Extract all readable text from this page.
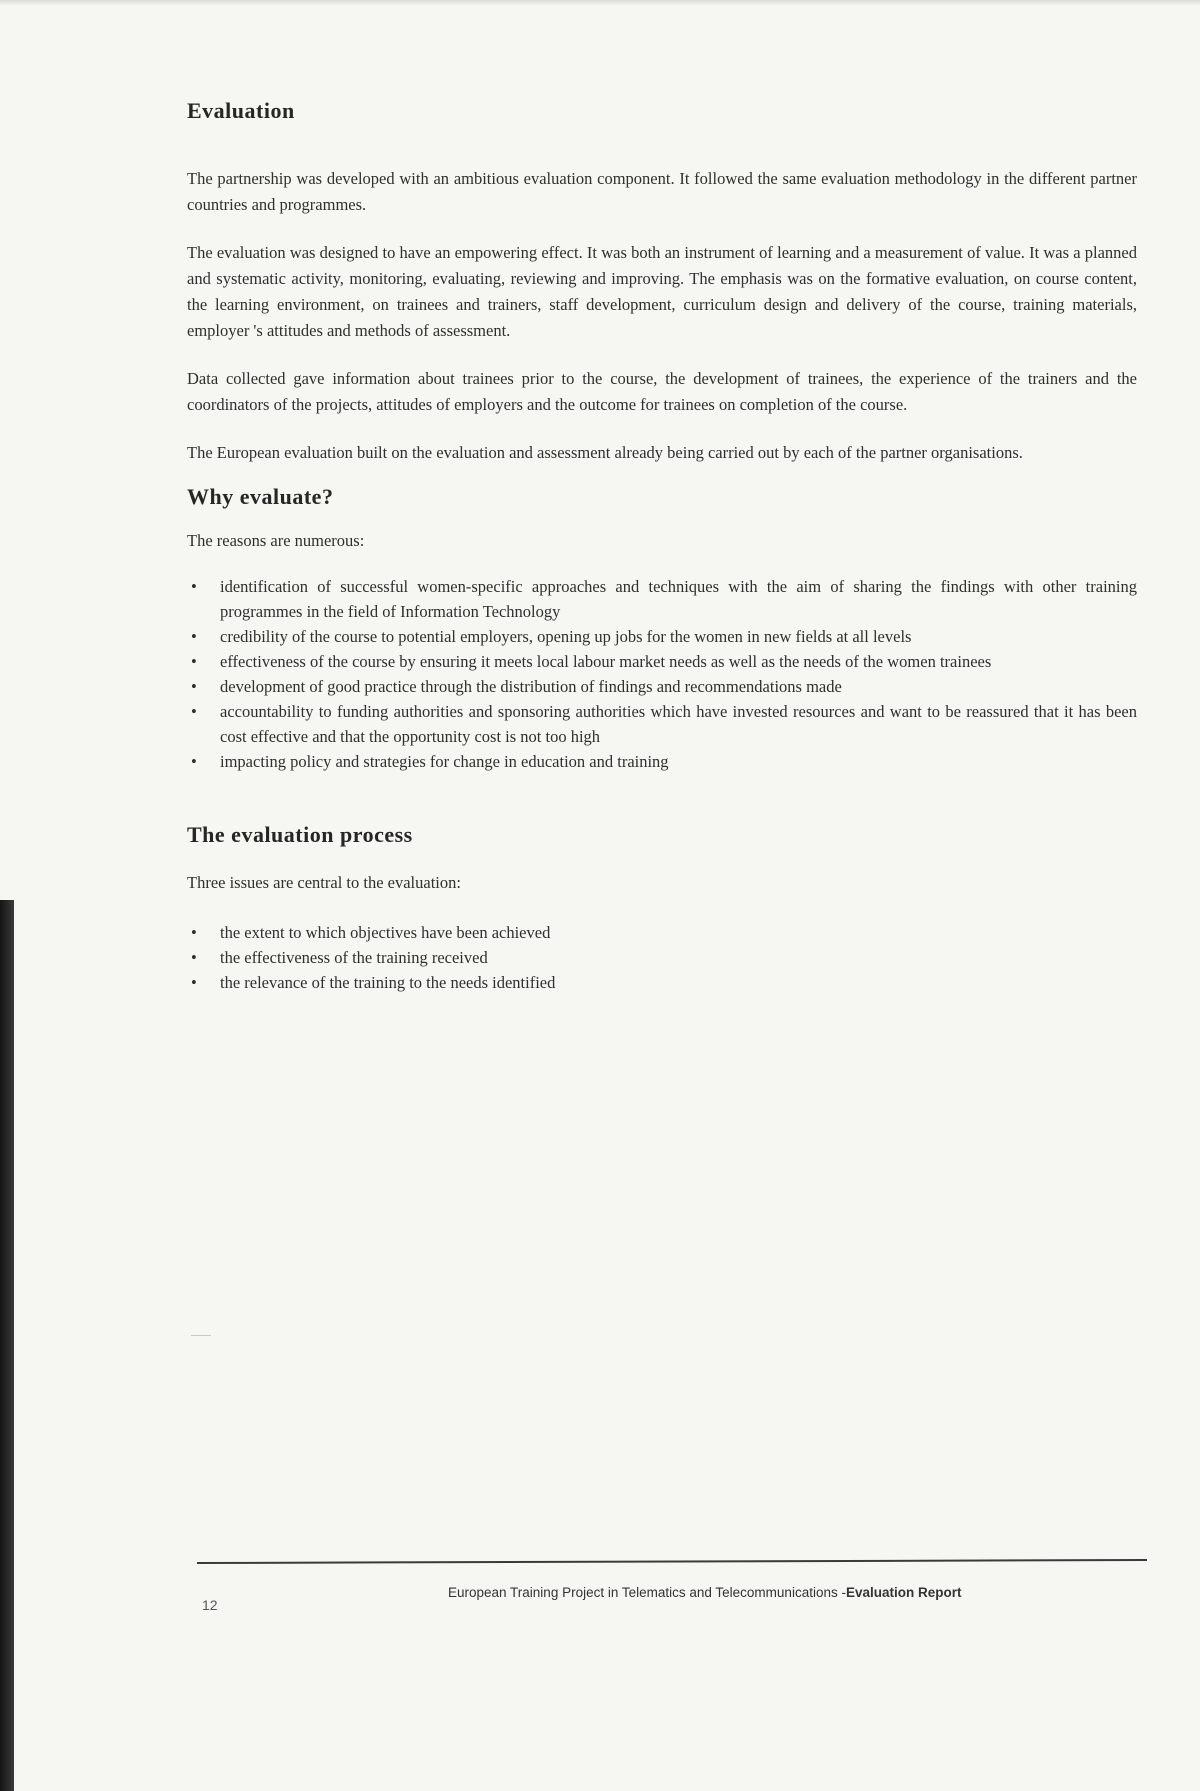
Evaluation

The partnership was developed with an ambitious evaluation component. It followed the same evaluation methodology in the different partner countries and programmes.

The evaluation was designed to have an empowering effect. It was both an instrument of learning and a measurement of value. It was a planned and systematic activity, monitoring, evaluating, reviewing and improving. The emphasis was on the formative evaluation, on course content, the learning environment, on trainees and trainers, staff development, curriculum design and delivery of the course, training materials, employer 's attitudes and methods of assessment.

Data collected gave information about trainees prior to the course, the development of trainees, the experience of the trainers and the coordinators of the projects, attitudes of employers and the outcome for trainees on completion of the course.

The European evaluation built on the evaluation and assessment already being carried out by each of the partner organisations.

Why evaluate?

The reasons are numerous:

• identification of successful women-specific approaches and techniques with the aim of sharing the findings with other training programmes in the field of Information Technology
• credibility of the course to potential employers, opening up jobs for the women in new fields at all levels
• effectiveness of the course by ensuring it meets local labour market needs as well as the needs of the women trainees
• development of good practice through the distribution of findings and recommendations made
• accountability to funding authorities and sponsoring authorities which have invested resources and want to be reassured that it has been cost effective and that the opportunity cost is not too high
• impacting policy and strategies for change in education and training
The evaluation process

Three issues are central to the evaluation:

• the extent to which objectives have been achieved
• the effectiveness of the training received
• the relevance of the training to the needs identified
12
European Training Project in Telematics and Telecommunications -Evaluation Report
